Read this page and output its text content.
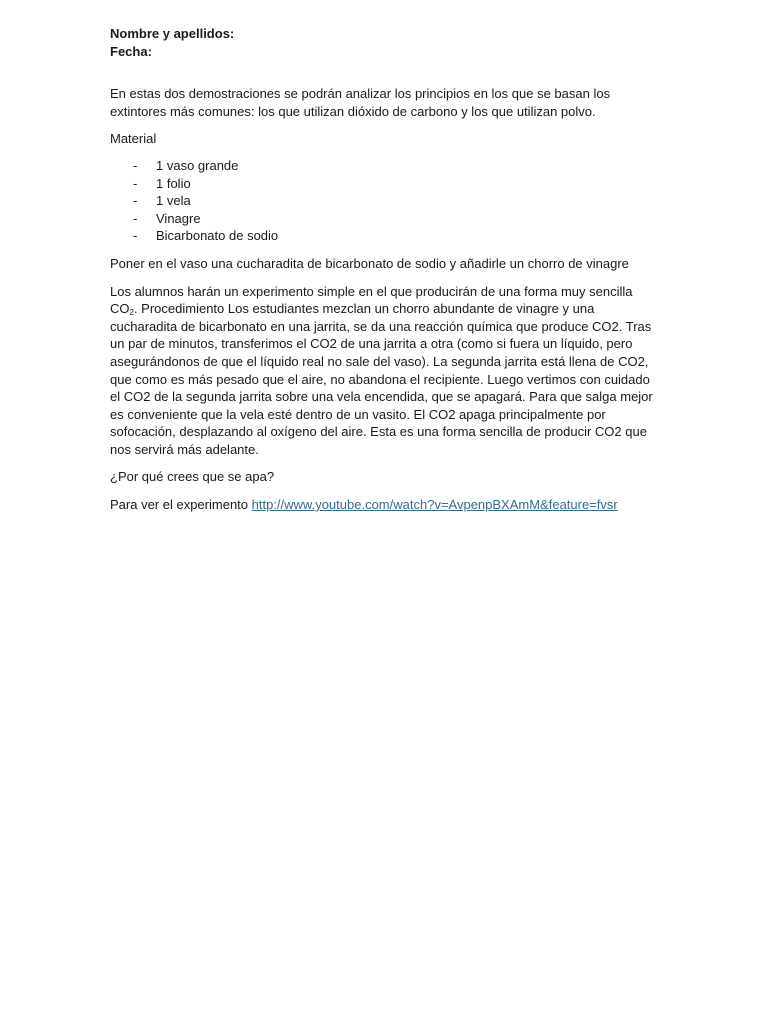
Nombre y apellidos:

Fecha:

En estas dos demostraciones se podrán analizar los principios en los que se basan los extintores más comunes: los que utilizan dióxido de carbono y los que utilizan polvo.

Material

- 1 vaso grande
- 1 folio
- 1 vela
- Vinagre
- Bicarbonato de sodio

Poner en el vaso una cucharadita de bicarbonato de sodio y añadirle un chorro de vinagre

Los alumnos harán un experimento simple en el que producirán de una forma muy sencilla $CO_2$. Procedimiento Los estudiantes mezclan un chorro abundante de vinagre y una cucharadita de bicarbonato en una jarrita, se da una reacción química que produce CO2. Tras un par de minutos, transferimos el CO2 de una jarrita a otra (como si fuera un líquido, pero asegurándonos de que el líquido real no sale del vaso). La segunda jarrita está llena de CO2, que como es más pesado que el aire, no abandona el recipiente. Luego vertimos con cuidado el CO2 de la segunda jarrita sobre una vela encendida, que se apagará. Para que salga mejor es conveniente que la vela esté dentro de un vasito. El CO2 apaga principalmente por sofocación, desplazando al oxígeno del aire. Esta es una forma sencilla de producir CO2 que nos servirá más adelante.

¿Por qué crees que se apa?

Para ver el experimento http://www.youtube.com/watch?v=AvpenpBXAmM&feature=fvsr
